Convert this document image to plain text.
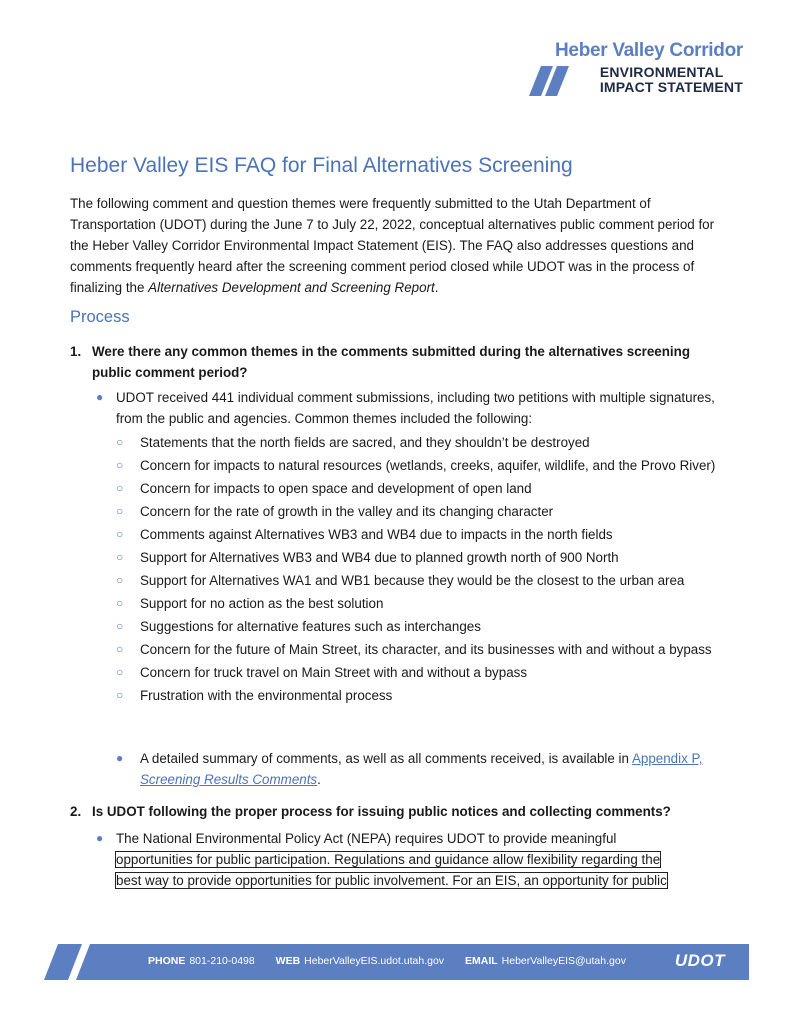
Heber Valley Corridor
ENVIRONMENTAL
IMPACT STATEMENT
Heber Valley EIS FAQ for Final Alternatives Screening

The following comment and question themes were frequently submitted to the Utah Department of Transportation (UDOT) during the June 7 to July 22, 2022, conceptual alternatives public comment period for the Heber Valley Corridor Environmental Impact Statement (EIS). The FAQ also addresses questions and comments frequently heard after the screening comment period closed while UDOT was in the process of finalizing the Alternatives Development and Screening Report.

Process

1. Were there any common themes in the comments submitted during the alternatives screening public comment period?

● UDOT received 441 individual comment submissions, including two petitions with multiple signatures, from the public and agencies. Common themes included the following:
○ Statements that the north fields are sacred, and they shouldn’t be destroyed
○ Concern for impacts to natural resources (wetlands, creeks, aquifer, wildlife, and the Provo River)
○ Concern for impacts to open space and development of open land
○ Concern for the rate of growth in the valley and its changing character
○ Comments against Alternatives WB3 and WB4 due to impacts in the north fields
○ Support for Alternatives WB3 and WB4 due to planned growth north of 900 North
○ Support for Alternatives WA1 and WB1 because they would be the closest to the urban area
○ Support for no action as the best solution
○ Suggestions for alternative features such as interchanges
○ Concern for the future of Main Street, its character, and its businesses with and without a bypass
○ Concern for truck travel on Main Street with and without a bypass
○ Frustration with the environmental process
● A detailed summary of comments, as well as all comments received, is available in Appendix P, Screening Results Comments.

2. Is UDOT following the proper process for issuing public notices and collecting comments?

● The National Environmental Policy Act (NEPA) requires UDOT to provide meaningful
opportunities for public participation. Regulations and guidance allow flexibility regarding the
best way to provide opportunities for public involvement. For an EIS, an opportunity for public
PHONE 801-210-0498 WEB HeberValleyEIS.udot.utah.gov EMAIL HeberValleyEIS@utah.gov	UDOT
